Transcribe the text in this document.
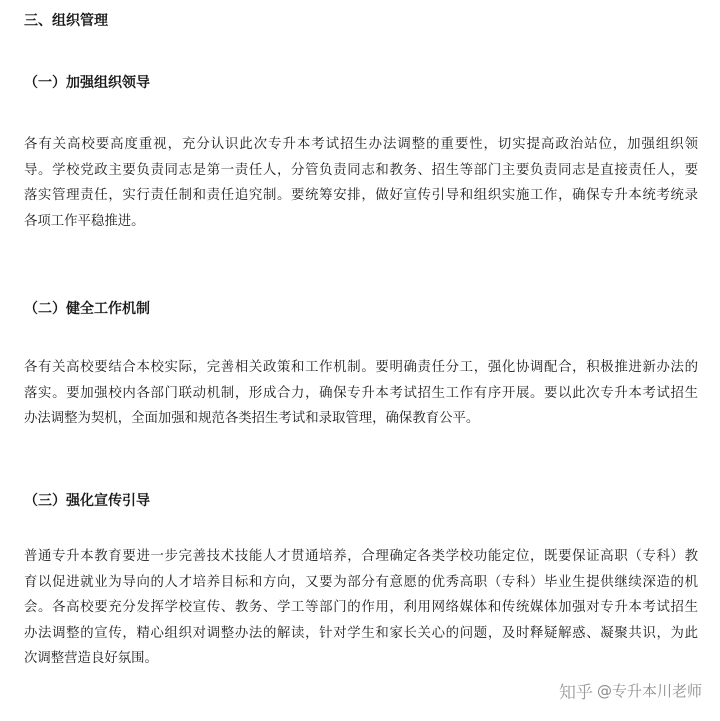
三、组织管理
（一）加强组织领导

各有关高校要高度重视，充分认识此次专升本考试招生办法调整的重要性，切实提高政治站位，加强组织领

导。学校党政主要负责同志是第一责任人，分管负责同志和教务、招生等部门主要负责同志是直接责任人，要

落实管理责任，实行责任制和责任追究制。要统筹安排，做好宣传引导和组织实施工作，确保专升本统考统录

各项工作平稳推进。

（二）健全工作机制

各有关高校要结合本校实际，完善相关政策和工作机制。要明确责任分工，强化协调配合，积极推进新办法的

落实。要加强校内各部门联动机制，形成合力，确保专升本考试招生工作有序开展。要以此次专升本考试招生

办法调整为契机，全面加强和规范各类招生考试和录取管理，确保教育公平。

（三）强化宣传引导

普通专升本教育要进一步完善技术技能人才贯通培养，合理确定各类学校功能定位，既要保证高职（专科）教

育以促进就业为导向的人才培养目标和方向，又要为部分有意愿的优秀高职（专科）毕业生提供继续深造的机

会。各高校要充分发挥学校宣传、教务、学工等部门的作用，利用网络媒体和传统媒体加强对专升本考试招生

办法调整的宣传，精心组织对调整办法的解读，针对学生和家长关心的问题，及时释疑解惑、凝聚共识，为此

次调整营造良好氛围。

知乎 @专升本川老师
